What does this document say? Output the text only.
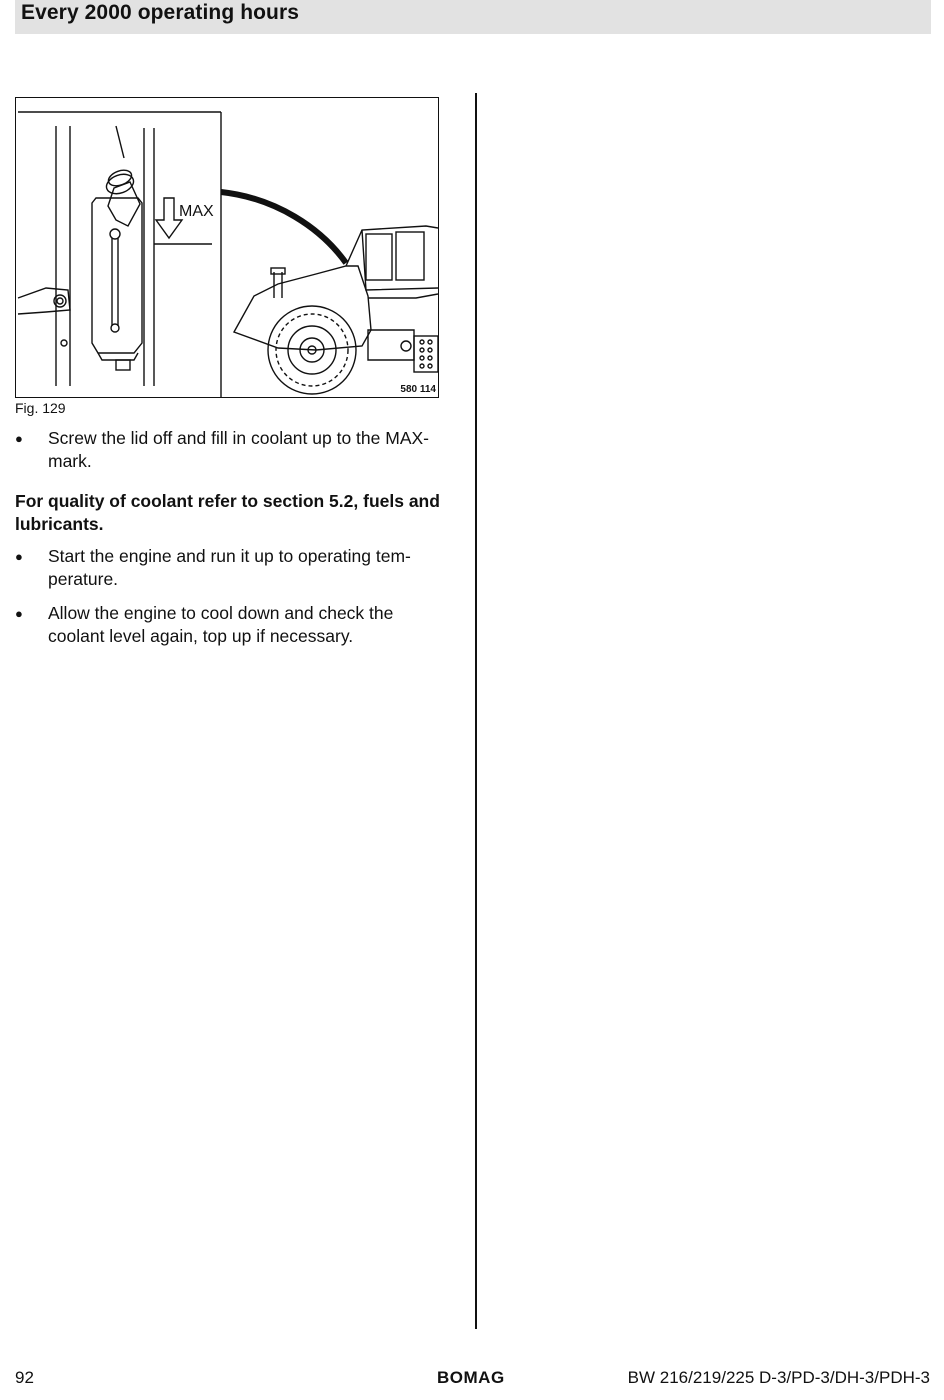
Every 2000 operating hours
MAX
580 114
Fig. 129
● Screw the lid off and fill in coolant up to the MAX-mark.
For quality of coolant refer to section 5.2, fuels and lubricants.
● Start the engine and run it up to operating tem-perature.
● Allow the engine to cool down and check the coolant level again, top up if necessary.
92	BOMAG	BW 216/219/225 D-3/PD-3/DH-3/PDH-3
